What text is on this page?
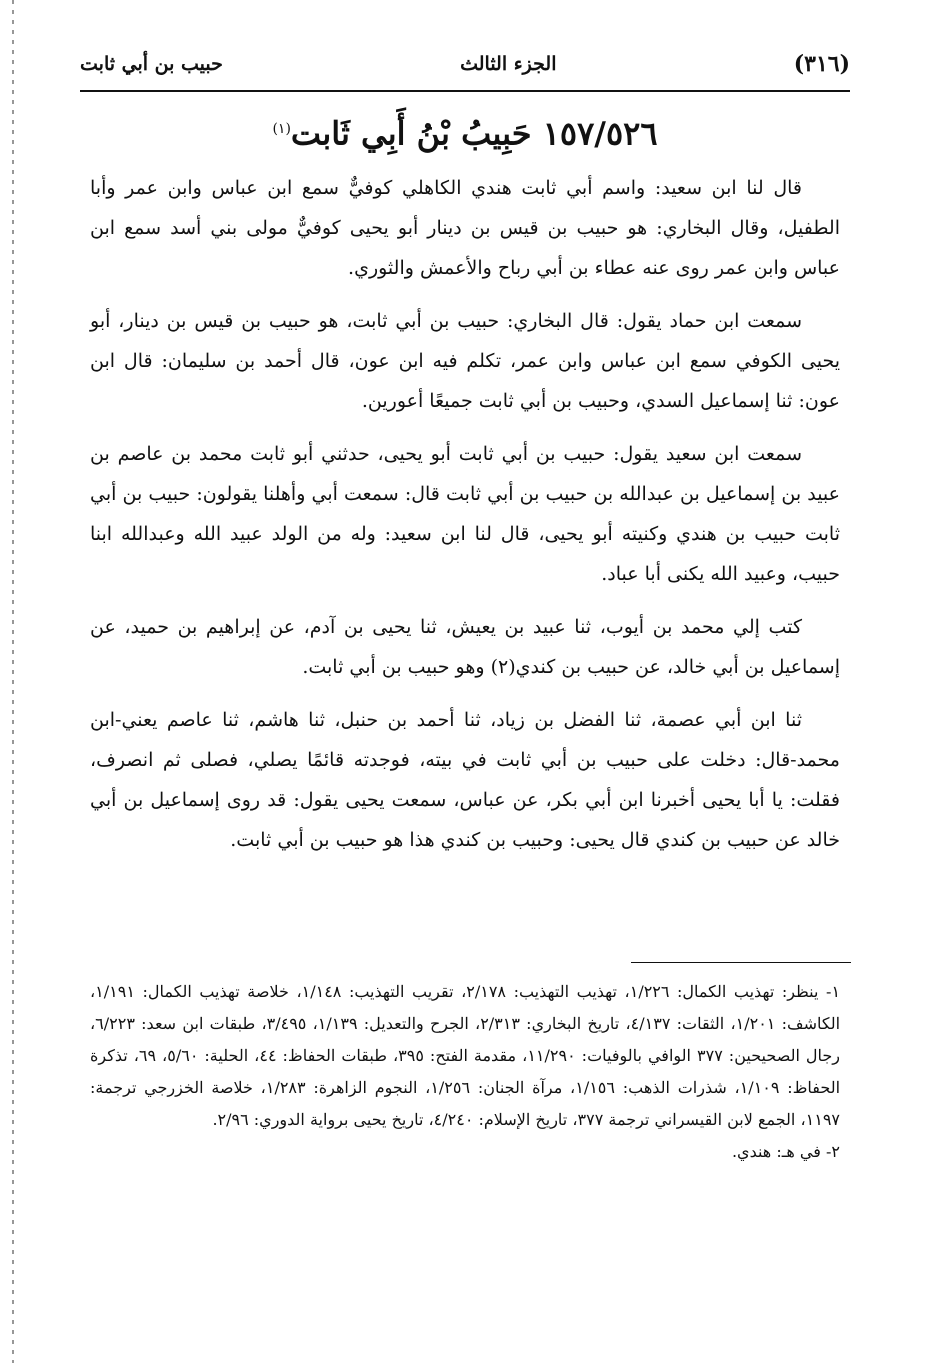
(٣١٦)
الجزء الثالث
حبيب بن أبي ثابت
١٥٧/٥٢٦ حَبِيبُ بْنُ أَبِي ثَابت$^{(١)}$

قال لنا ابن سعيد: واسم أبي ثابت هندي الكاهلي كوفيٌّ سمع ابن عباس وابن عمر وأبا الطفيل، وقال البخاري: هو حبيب بن قيس بن دينار أبو يحيى كوفيٌّ مولى بني أسد سمع ابن عباس وابن عمر روى عنه عطاء بن أبي رباح والأعمش والثوري.

سمعت ابن حماد يقول: قال البخاري: حبيب بن أبي ثابت، هو حبيب بن قيس بن دينار، أبو يحيى الكوفي سمع ابن عباس وابن عمر، تكلم فيه ابن عون، قال أحمد بن سليمان: قال ابن عون: ثنا إسماعيل السدي، وحبيب بن أبي ثابت جميعًا أعورين.

سمعت ابن سعيد يقول: حبيب بن أبي ثابت أبو يحيى، حدثني أبو ثابت محمد بن عاصم بن عبيد بن إسماعيل بن عبدالله بن حبيب بن أبي ثابت قال: سمعت أبي وأهلنا يقولون: حبيب بن أبي ثابت حبيب بن هندي وكنيته أبو يحيى، قال لنا ابن سعيد: وله من الولد عبيد الله وعبدالله ابنا حبيب، وعبيد الله يكنى أبا عباد.

كتب إلي محمد بن أيوب، ثنا عبيد بن يعيش، ثنا يحيى بن آدم، عن إبراهيم بن حميد، عن إسماعيل بن أبي خالد، عن حبيب بن كندي(٢) وهو حبيب بن أبي ثابت.

ثنا ابن أبي عصمة، ثنا الفضل بن زياد، ثنا أحمد بن حنبل، ثنا هاشم، ثنا عاصم يعني-ابن محمد-قال: دخلت على حبيب بن أبي ثابت في بيته، فوجدته قائمًا يصلي، فصلى ثم انصرف، فقلت: يا أبا يحيى أخبرنا ابن أبي بكر، عن عباس، سمعت يحيى يقول: قد روى إسماعيل بن أبي خالد عن حبيب بن كندي قال يحيى: وحبيب بن كندي هذا هو حبيب بن أبي ثابت.

١- ينظر: تهذيب الكمال: ١/٢٢٦، تهذيب التهذيب: ٢/١٧٨، تقريب التهذيب: ١/١٤٨، خلاصة تهذيب الكمال: ١/١٩١، الكاشف: ١/٢٠١، الثقات: ٤/١٣٧، تاريخ البخاري: ٢/٣١٣، الجرح والتعديل: ١/١٣٩، ٣/٤٩٥، طبقات ابن سعد: ٦/٢٢٣، رجال الصحيحين: ٣٧٧ الوافي بالوفيات: ١١/٢٩٠، مقدمة الفتح: ٣٩٥، طبقات الحفاظ: ٤٤، الحلية: ٥/٦٠، ٦٩، تذكرة الحفاظ: ١/١٠٩، شذرات الذهب: ١/١٥٦، مرآة الجنان: ١/٢٥٦، النجوم الزاهرة: ١/٢٨٣، خلاصة الخزرجي ترجمة: ١١٩٧، الجمع لابن القيسراني ترجمة ٣٧٧، تاريخ الإسلام: ٤/٢٤٠، تاريخ يحيى برواية الدوري: ٢/٩٦.

٢- في هـ: هندي.
